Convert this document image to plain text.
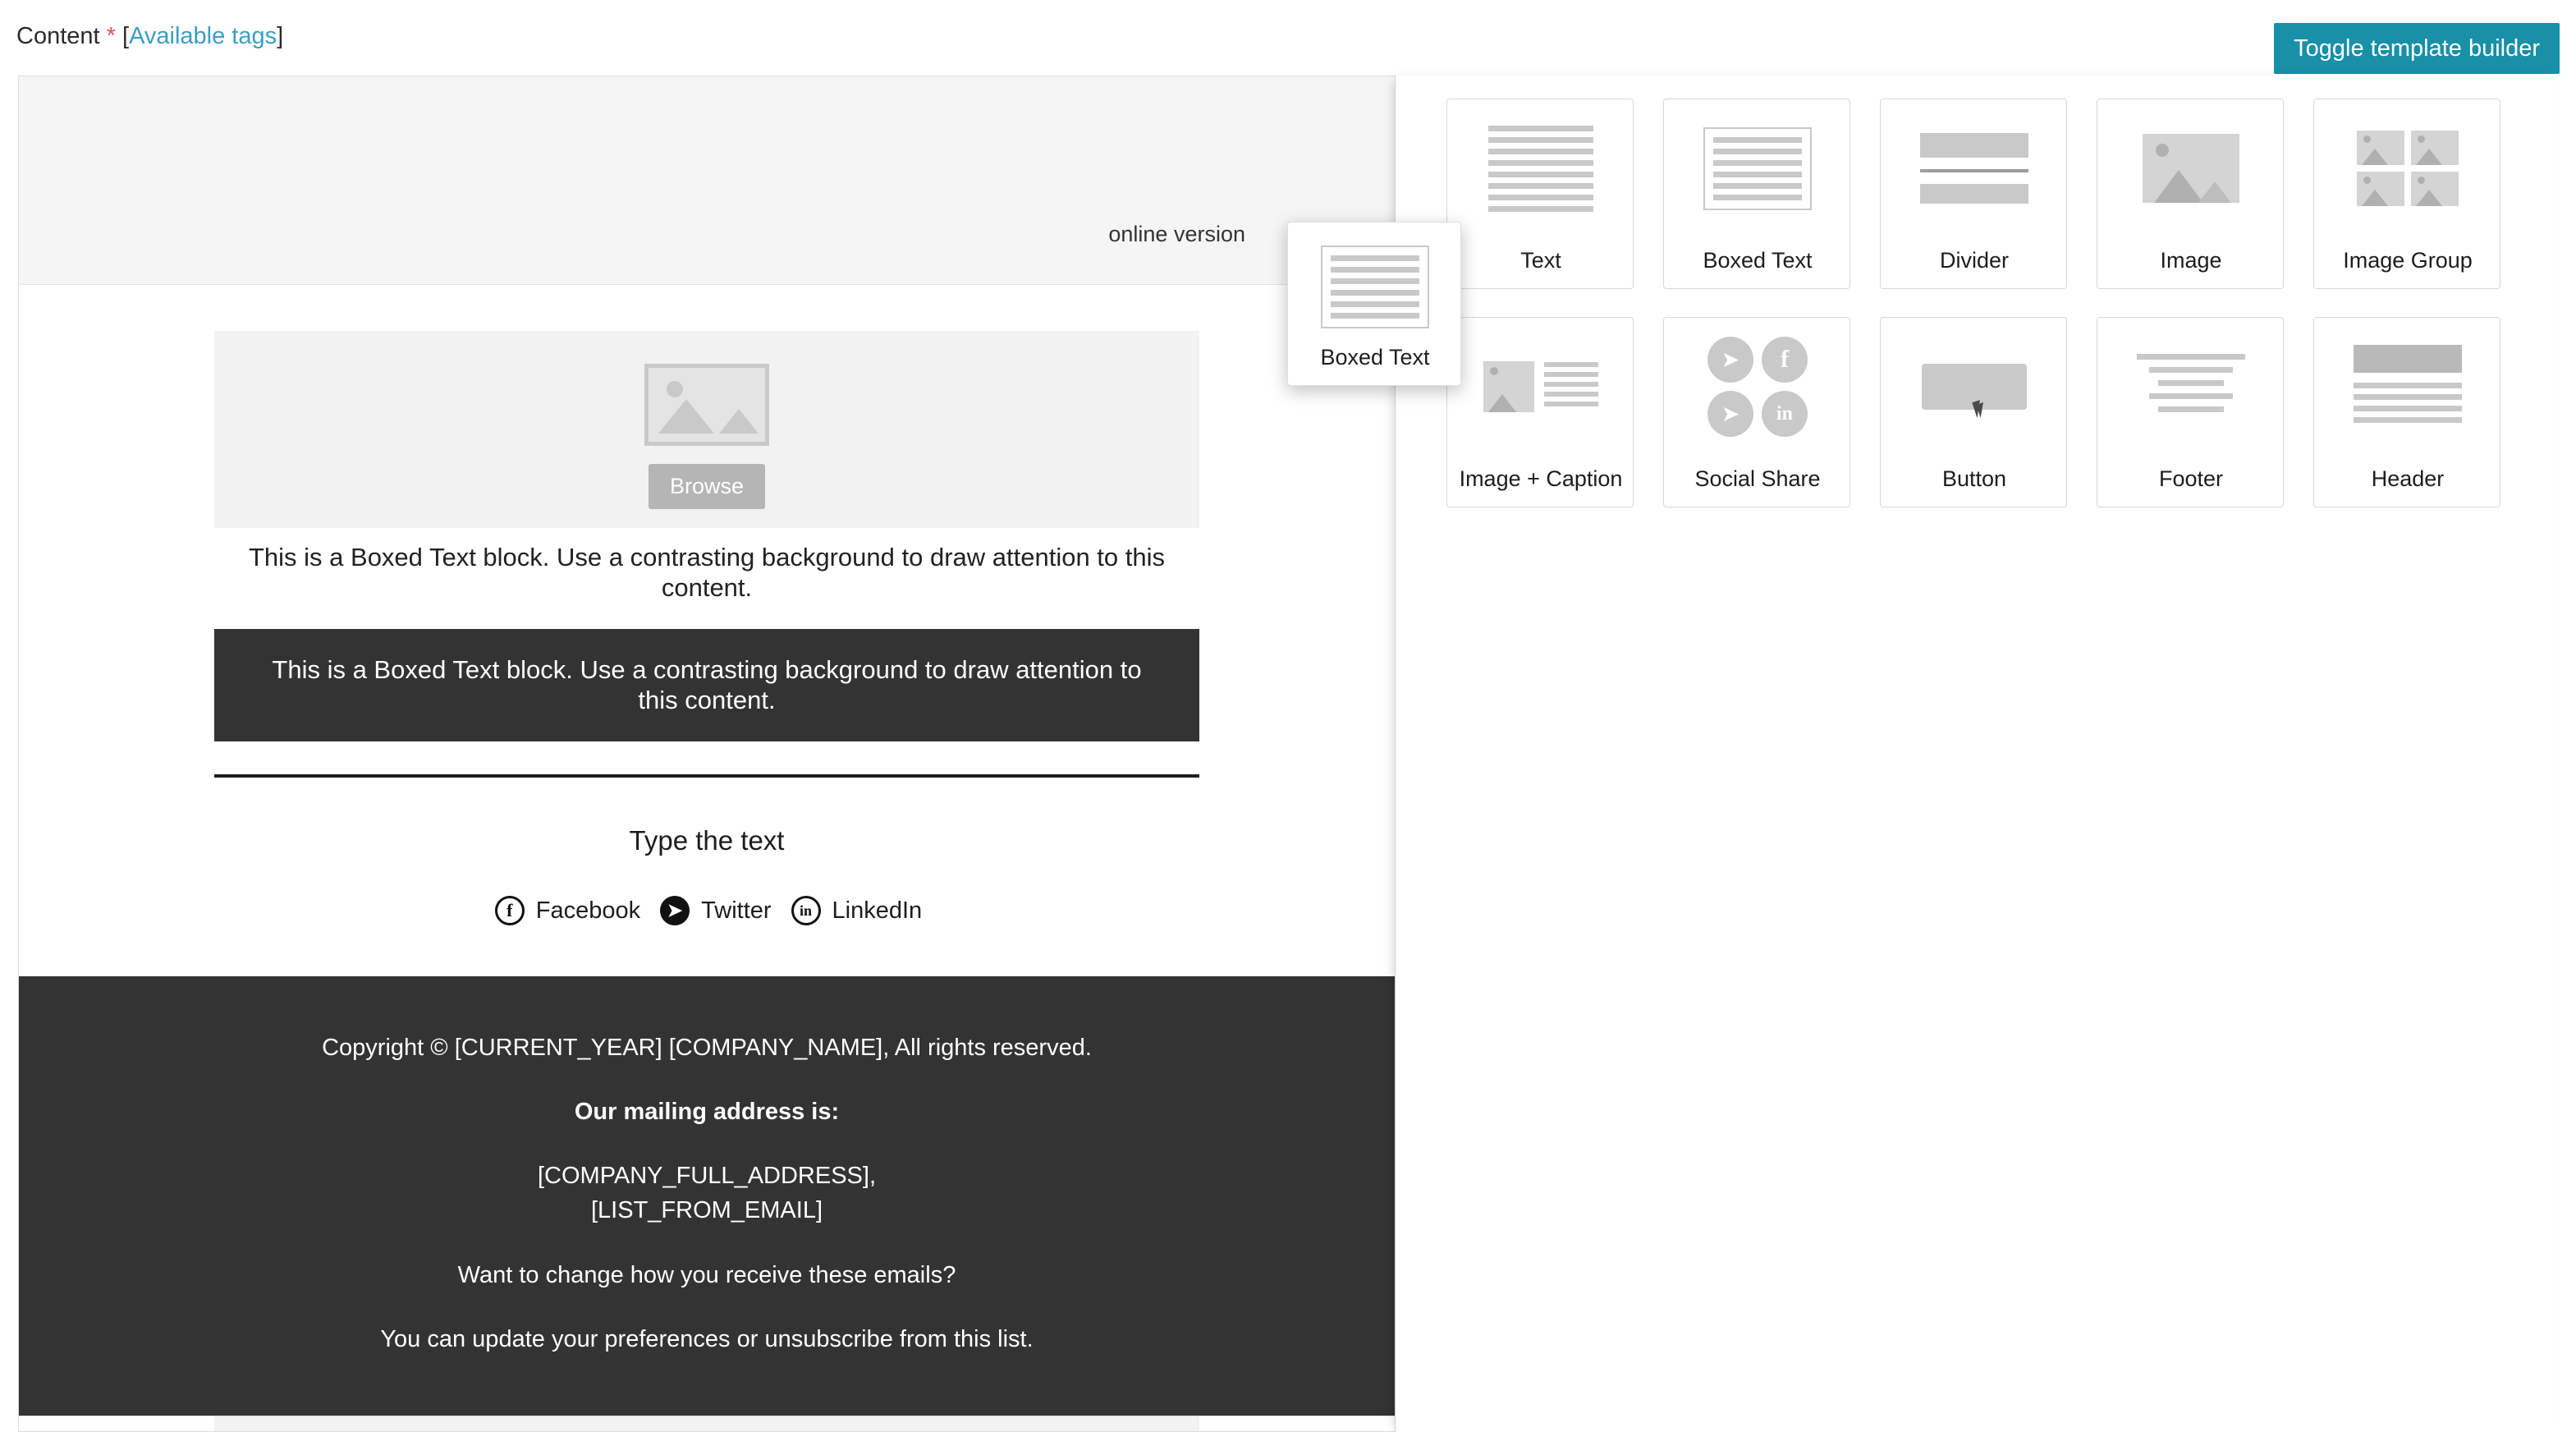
Content * [Available tags]	Toggle template builder
online version
Browse
This is a Boxed Text block. Use a contrasting background to draw attention to this content.
This is a Boxed Text block. Use a contrasting background to draw attention to this content.
Type the text
f Facebook	➤ Twitter	in LinkedIn

Copyright © [CURRENT_YEAR] [COMPANY_NAME], All rights reserved.

Our mailing address is:

[COMPANY_FULL_ADDRESS],
[LIST_FROM_EMAIL]

Want to change how you receive these emails?

You can update your preferences or unsubscribe from this list.

Text	Boxed Text	Divider	Image	Image Group
Image + Caption
➤	f
➤	in
Social Share	Button	Footer	Header
Boxed Text
